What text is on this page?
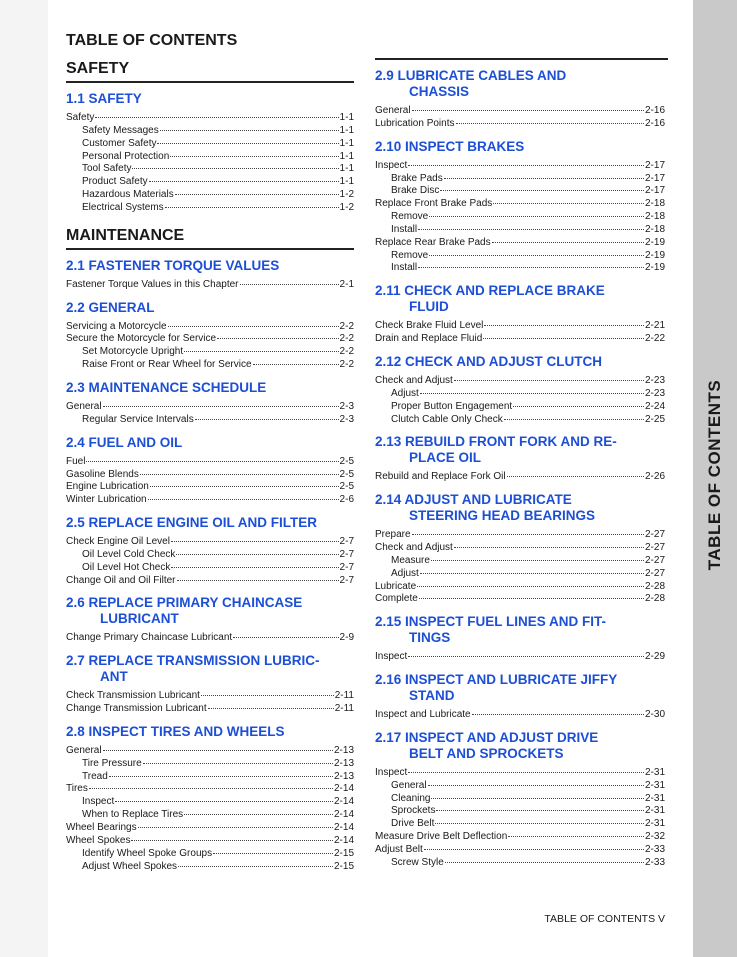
TABLE OF CONTENTS
TABLE OF CONTENTS
SAFETY
1.1 SAFETY
Safety	1-1
Safety Messages	1-1
Customer Safety	1-1
Personal Protection	1-1
Tool Safety	1-1
Product Safety	1-1
Hazardous Materials	1-2
Electrical Systems	1-2
MAINTENANCE
2.1 FASTENER TORQUE VALUES
Fastener Torque Values in this Chapter	2-1
2.2 GENERAL
Servicing a Motorcycle	2-2
Secure the Motorcycle for Service	2-2
Set Motorcycle Upright	2-2
Raise Front or Rear Wheel for Service	2-2
2.3 MAINTENANCE SCHEDULE
General	2-3
Regular Service Intervals	2-3
2.4 FUEL AND OIL
Fuel	2-5
Gasoline Blends	2-5
Engine Lubrication	2-5
Winter Lubrication	2-6
2.5 REPLACE ENGINE OIL AND FILTER
Check Engine Oil Level	2-7
Oil Level Cold Check	2-7
Oil Level Hot Check	2-7
Change Oil and Oil Filter	2-7
2.6 REPLACE PRIMARY CHAINCASE
LUBRICANT
Change Primary Chaincase Lubricant	2-9
2.7 REPLACE TRANSMISSION LUBRIC-
ANT
Check Transmission Lubricant	2-11
Change Transmission Lubricant	2-11
2.8 INSPECT TIRES AND WHEELS
General	2-13
Tire Pressure	2-13
Tread	2-13
Tires	2-14
Inspect	2-14
When to Replace Tires	2-14
Wheel Bearings	2-14
Wheel Spokes	2-14
Identify Wheel Spoke Groups	2-15
Adjust Wheel Spokes	2-15
2.9 LUBRICATE CABLES AND
CHASSIS
General	2-16
Lubrication Points	2-16
2.10 INSPECT BRAKES
Inspect	2-17
Brake Pads	2-17
Brake Disc	2-17
Replace Front Brake Pads	2-18
Remove	2-18
Install	2-18
Replace Rear Brake Pads	2-19
Remove	2-19
Install	2-19
2.11 CHECK AND REPLACE BRAKE
FLUID
Check Brake Fluid Level	2-21
Drain and Replace Fluid	2-22
2.12 CHECK AND ADJUST CLUTCH
Check and Adjust	2-23
Adjust	2-23
Proper Button Engagement	2-24
Clutch Cable Only Check	2-25
2.13 REBUILD FRONT FORK AND RE-
PLACE OIL
Rebuild and Replace Fork Oil	2-26
2.14 ADJUST AND LUBRICATE
STEERING HEAD BEARINGS
Prepare	2-27
Check and Adjust	2-27
Measure	2-27
Adjust	2-27
Lubricate	2-28
Complete	2-28
2.15 INSPECT FUEL LINES AND FIT-
TINGS
Inspect	2-29
2.16 INSPECT AND LUBRICATE JIFFY
STAND
Inspect and Lubricate	2-30
2.17 INSPECT AND ADJUST DRIVE
BELT AND SPROCKETS
Inspect	2-31
General	2-31
Cleaning	2-31
Sprockets	2-31
Drive Belt	2-31
Measure Drive Belt Deflection	2-32
Adjust Belt	2-33
Screw Style	2-33
TABLE OF CONTENTS V
